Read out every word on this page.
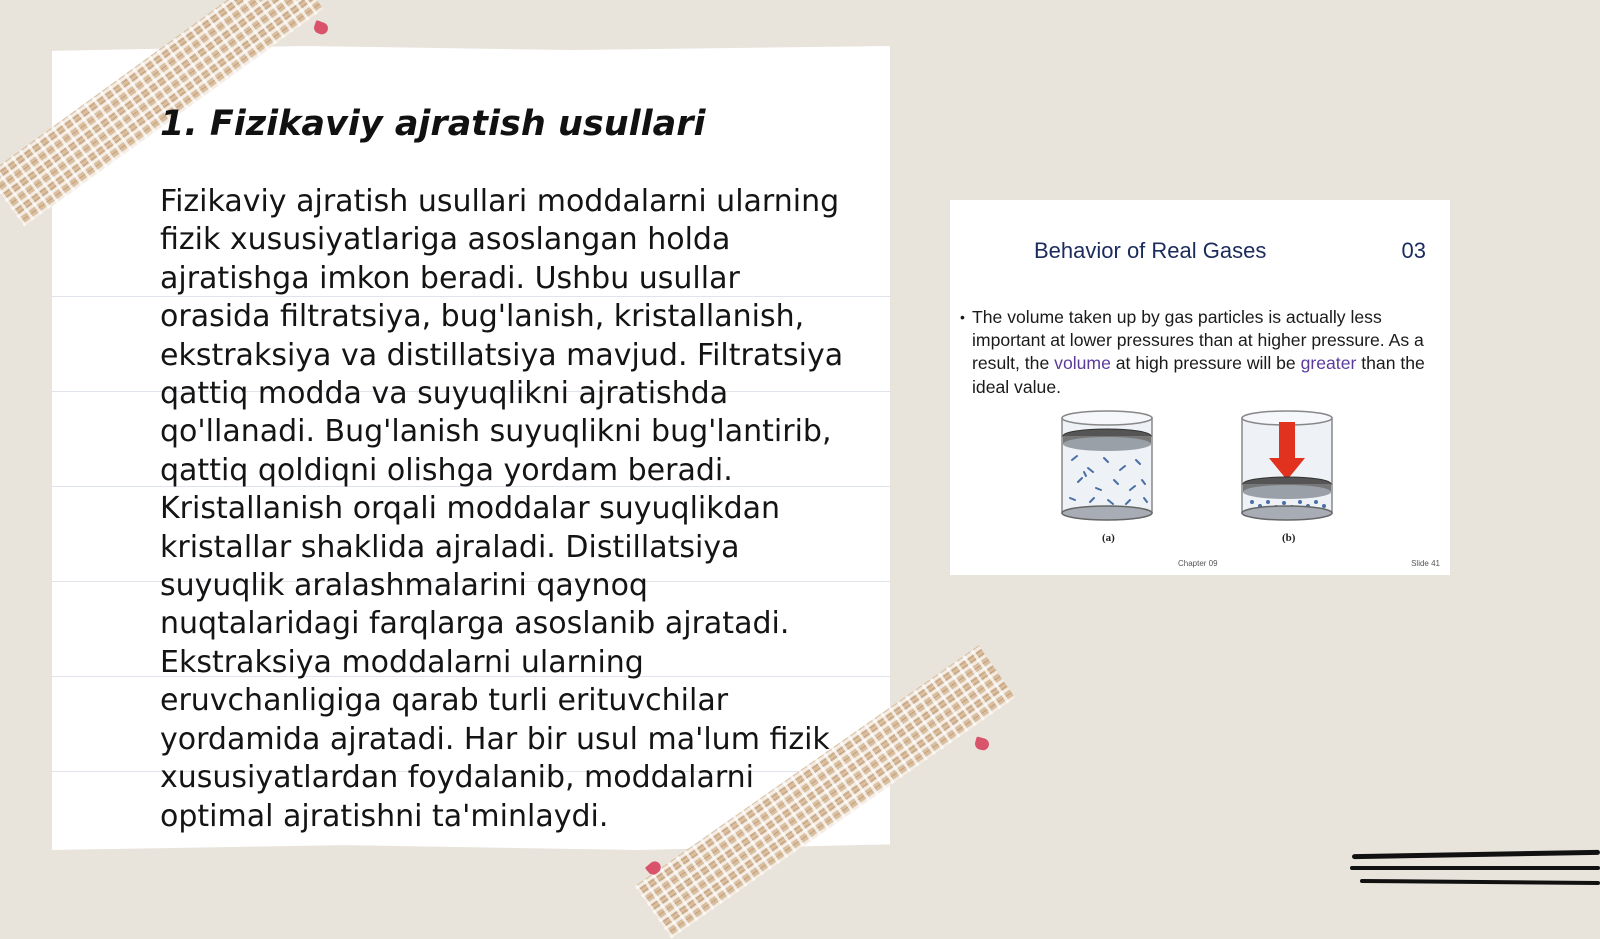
1. Fizikaviy ajratish usullari

Fizikaviy ajratish usullari moddalarni ularning fizik xususiyatlariga asoslangan holda ajratishga imkon beradi. Ushbu usullar orasida filtratsiya, bug'lanish, kristallanish, ekstraksiya va distillatsiya mavjud. Filtratsiya qattiq modda va suyuqlikni ajratishda qo'llanadi. Bug'lanish suyuqlikni bug'lantirib, qattiq qoldiqni olishga yordam beradi. Kristallanish orqali moddalar suyuqlikdan kristallar shaklida ajraladi. Distillatsiya suyuqlik aralashmalarini qaynoq nuqtalaridagi farqlarga asoslanib ajratadi. Ekstraksiya moddalarni ularning eruvchanligiga qarab turli erituvchilar yordamida ajratadi. Har bir usul ma'lum fizik xususiyatlardan foydalanib, moddalarni optimal ajratishni ta'minlaydi.

Behavior of Real Gases	03
• The volume taken up by gas particles is actually less important at lower pressures than at higher pressure. As a result, the volume at high pressure will be greater than the ideal value.
(a)	(b)
Chapter 09	Slide 41
